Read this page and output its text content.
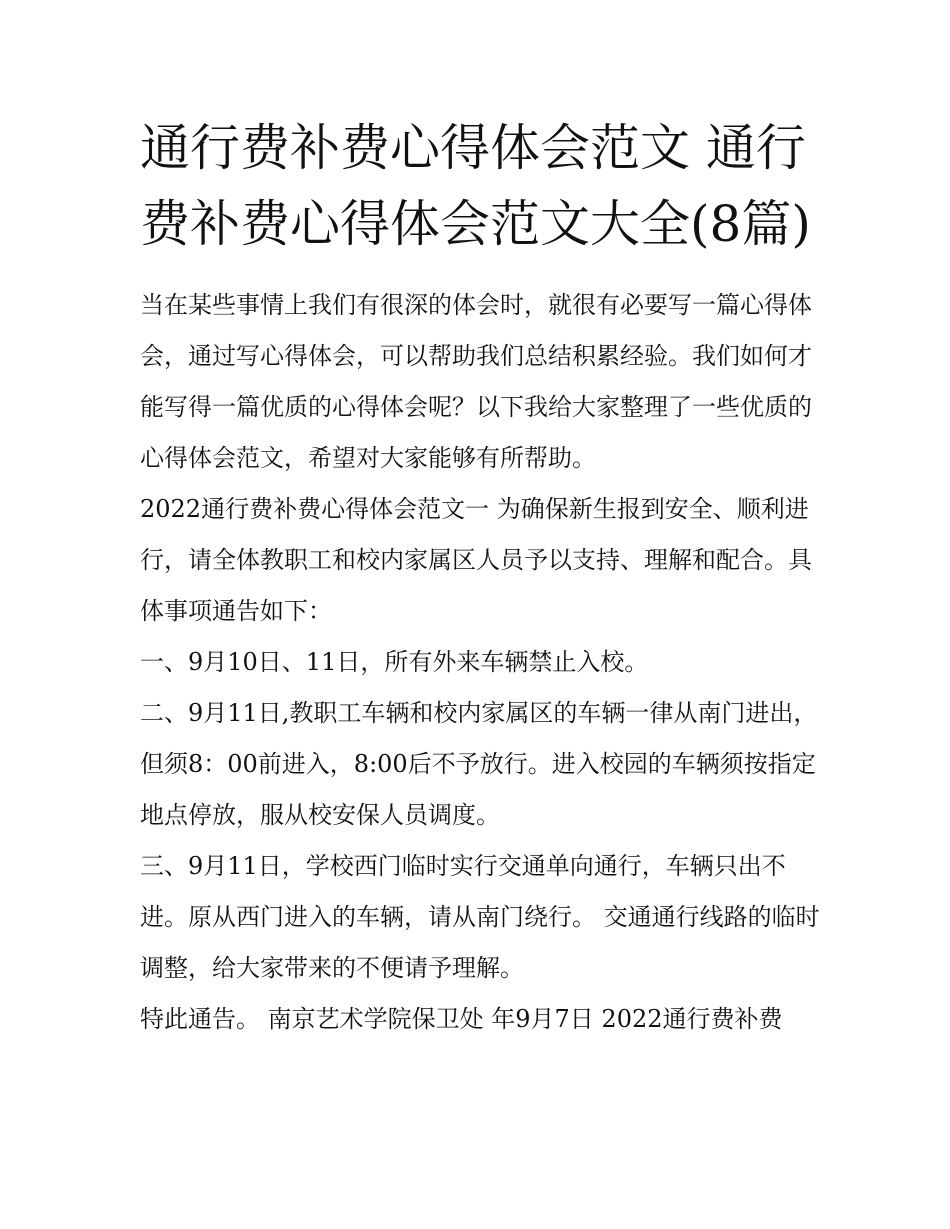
通行费补费心得体会范文 通行费补费心得体会范文大全(8篇)

当在某些事情上我们有很深的体会时，就很有必要写一篇心得体会，通过写心得体会，可以帮助我们总结积累经验。我们如何才能写得一篇优质的心得体会呢？以下我给大家整理了一些优质的心得体会范文，希望对大家能够有所帮助。

2022通行费补费心得体会范文一 为确保新生报到安全、顺利进行，请全体教职工和校内家属区人员予以支持、理解和配合。具体事项通告如下：

一、9月10日、11日，所有外来车辆禁止入校。

二、9月11日,教职工车辆和校内家属区的车辆一律从南门进出，但须8：00前进入，8:00后不予放行。进入校园的车辆须按指定地点停放，服从校安保人员调度。

三、9月11日，学校西门临时实行交通单向通行，车辆只出不进。原从西门进入的车辆，请从南门绕行。 交通通行线路的临时调整，给大家带来的不便请予理解。

特此通告。 南京艺术学院保卫处 年9月7日 2022通行费补费
